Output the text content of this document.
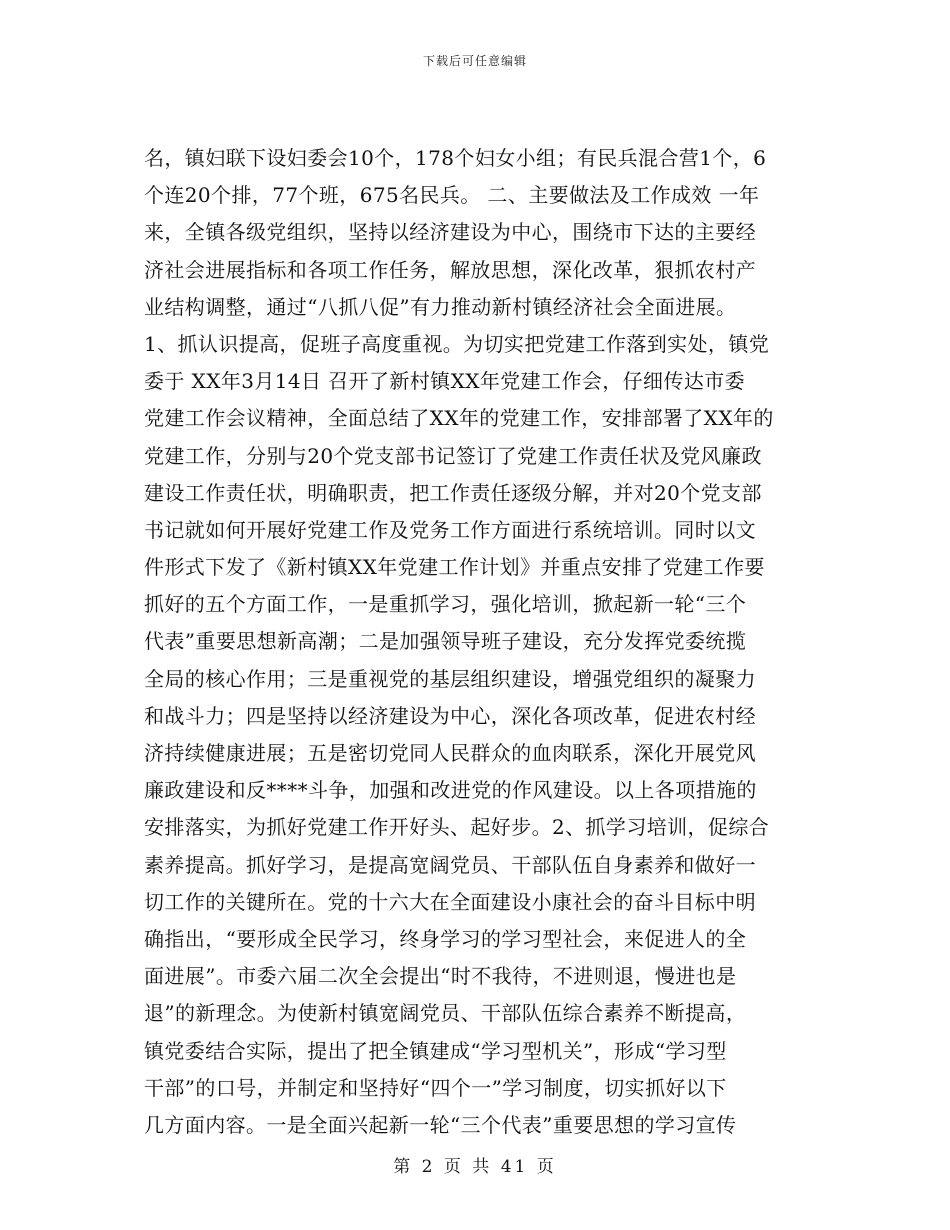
下载后可任意编辑
名，镇妇联下设妇委会10个，178个妇女小组；有民兵混合营1个，6
个连20个排，77个班，675名民兵。 二、主要做法及工作成效 一年
来，全镇各级党组织，坚持以经济建设为中心，围绕市下达的主要经
济社会进展指标和各项工作任务，解放思想，深化改革，狠抓农村产
业结构调整，通过“八抓八促”有力推动新村镇经济社会全面进展。
1、抓认识提高，促班子高度重视。为切实把党建工作落到实处，镇党
委于 XX年3月14日 召开了新村镇XX年党建工作会，仔细传达市委
党建工作会议精神，全面总结了XX年的党建工作，安排部署了XX年的
党建工作，分别与20个党支部书记签订了党建工作责任状及党风廉政
建设工作责任状，明确职责，把工作责任逐级分解，并对20个党支部
书记就如何开展好党建工作及党务工作方面进行系统培训。同时以文
件形式下发了《新村镇XX年党建工作计划》并重点安排了党建工作要
抓好的五个方面工作，一是重抓学习，强化培训，掀起新一轮“三个
代表”重要思想新高潮；二是加强领导班子建设，充分发挥党委统揽
全局的核心作用；三是重视党的基层组织建设，增强党组织的凝聚力
和战斗力；四是坚持以经济建设为中心，深化各项改革，促进农村经
济持续健康进展；五是密切党同人民群众的血肉联系，深化开展党风
廉政建设和反****斗争，加强和改进党的作风建设。以上各项措施的
安排落实，为抓好党建工作开好头、起好步。2、抓学习培训，促综合
素养提高。抓好学习，是提高宽阔党员、干部队伍自身素养和做好一
切工作的关键所在。党的十六大在全面建设小康社会的奋斗目标中明
确指出，“要形成全民学习，终身学习的学习型社会，来促进人的全
面进展”。市委六届二次全会提出“时不我待，不进则退，慢进也是
退”的新理念。为使新村镇宽阔党员、干部队伍综合素养不断提高，
镇党委结合实际，提出了把全镇建成“学习型机关”，形成“学习型
干部”的口号，并制定和坚持好“四个一”学习制度，切实抓好以下
几方面内容。一是全面兴起新一轮“三个代表”重要思想的学习宣传
第 2 页 共 41 页
